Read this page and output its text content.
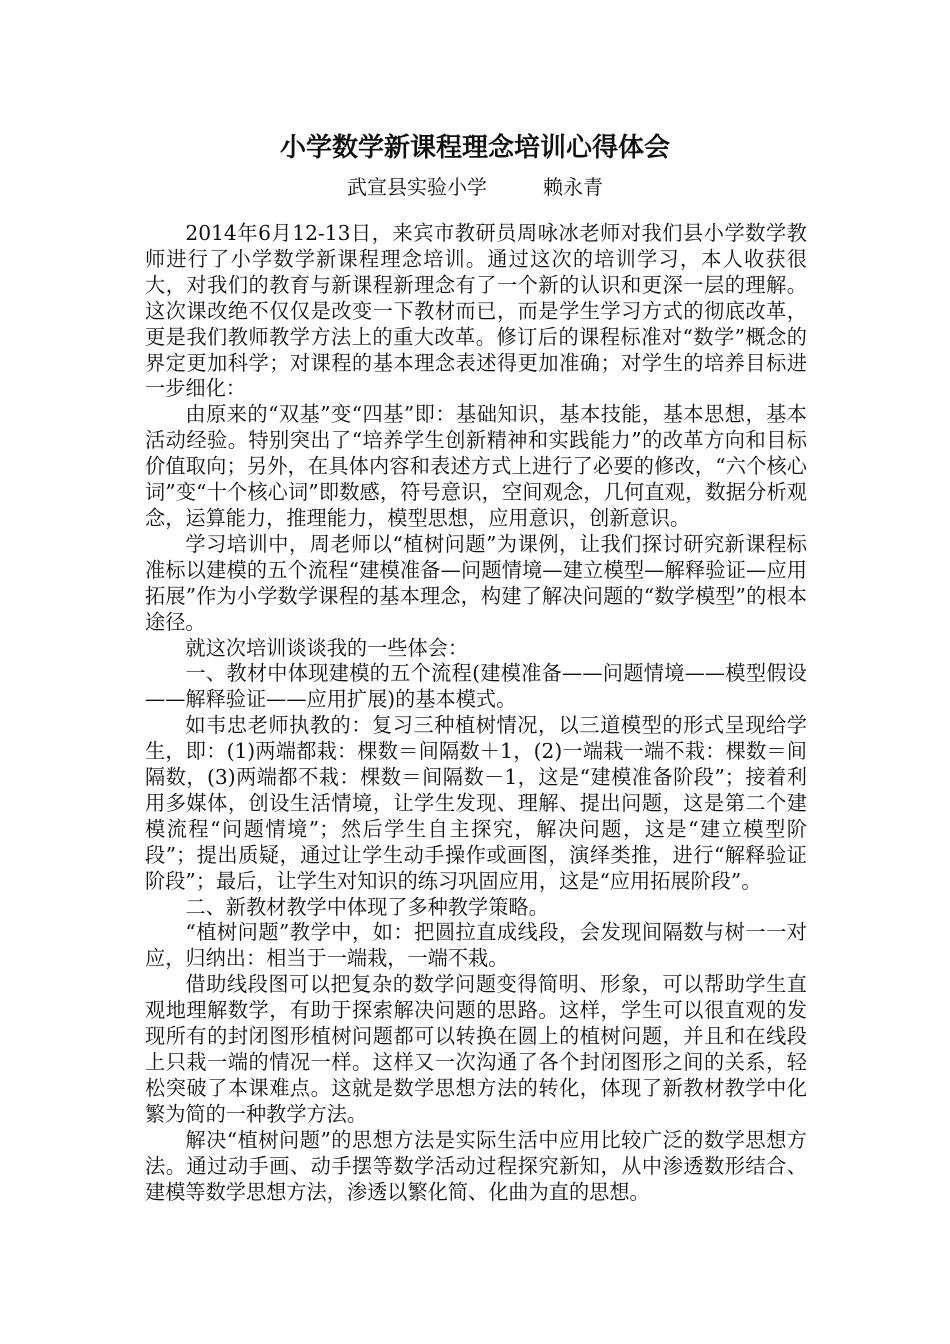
小学数学新课程理念培训心得体会
武宣县实验小学	赖永青

2014年6月12-13日，来宾市教研员周咏冰老师对我们县小学数学教师进行了小学数学新课程理念培训。通过这次的培训学习，本人收获很大，对我们的教育与新课程新理念有了一个新的认识和更深一层的理解。这次课改绝不仅仅是改变一下教材而已，而是学生学习方式的彻底改革，更是我们教师教学方法上的重大改革。修订后的课程标准对“数学”概念的界定更加科学；对课程的基本理念表述得更加准确；对学生的培养目标进一步细化：

由原来的“双基”变“四基”即：基础知识，基本技能，基本思想，基本活动经验。特别突出了“培养学生创新精神和实践能力”的改革方向和目标价值取向；另外，在具体内容和表述方式上进行了必要的修改，“六个核心词”变“十个核心词”即数感，符号意识，空间观念，几何直观，数据分析观念，运算能力，推理能力，模型思想，应用意识，创新意识。

学习培训中，周老师以“植树问题”为课例，让我们探讨研究新课程标准标以建模的五个流程“建模准备—问题情境—建立模型—解释验证—应用拓展”作为小学数学课程的基本理念，构建了解决问题的“数学模型”的根本途径。

就这次培训谈谈我的一些体会：

一、教材中体现建模的五个流程(建模准备——问题情境——模型假设——解释验证——应用扩展)的基本模式。

如韦忠老师执教的：复习三种植树情况，以三道模型的形式呈现给学生，即：(1)两端都栽：棵数＝间隔数＋1，(2)一端栽一端不栽：棵数＝间隔数，(3)两端都不栽：棵数＝间隔数－1，这是“建模准备阶段”；接着利用多媒体，创设生活情境，让学生发现、理解、提出问题，这是第二个建模流程“问题情境”；然后学生自主探究，解决问题，这是“建立模型阶段”；提出质疑，通过让学生动手操作或画图，演绎类推，进行“解释验证阶段”；最后，让学生对知识的练习巩固应用，这是“应用拓展阶段”。

二、新教材教学中体现了多种教学策略。

“植树问题”教学中，如：把圆拉直成线段，会发现间隔数与树一一对应，归纳出：相当于一端栽，一端不栽。

借助线段图可以把复杂的数学问题变得简明、形象，可以帮助学生直观地理解数学，有助于探索解决问题的思路。这样，学生可以很直观的发现所有的封闭图形植树问题都可以转换在圆上的植树问题，并且和在线段上只栽一端的情况一样。这样又一次沟通了各个封闭图形之间的关系，轻松突破了本课难点。这就是数学思想方法的转化，体现了新教材教学中化繁为简的一种教学方法。

解决“植树问题”的思想方法是实际生活中应用比较广泛的数学思想方法。通过动手画、动手摆等数学活动过程探究新知，从中渗透数形结合、建模等数学思想方法，渗透以繁化简、化曲为直的思想。
